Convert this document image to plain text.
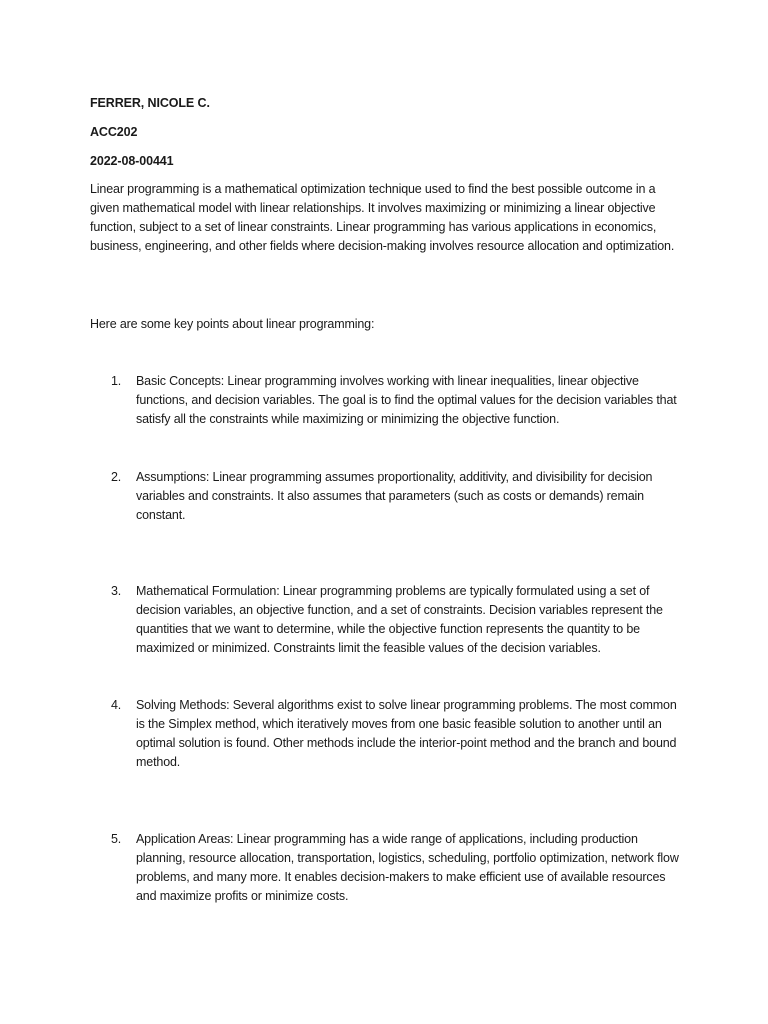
FERRER, NICOLE C.
ACC202
2022-08-00441

Linear programming is a mathematical optimization technique used to find the best possible outcome in a given mathematical model with linear relationships. It involves maximizing or minimizing a linear objective function, subject to a set of linear constraints. Linear programming has various applications in economics, business, engineering, and other fields where decision-making involves resource allocation and optimization.

Here are some key points about linear programming:

1.	Basic Concepts: Linear programming involves working with linear inequalities, linear objective functions, and decision variables. The goal is to find the optimal values for the decision variables that satisfy all the constraints while maximizing or minimizing the objective function.

2.	Assumptions: Linear programming assumes proportionality, additivity, and divisibility for decision variables and constraints. It also assumes that parameters (such as costs or demands) remain constant.

3.	Mathematical Formulation: Linear programming problems are typically formulated using a set of decision variables, an objective function, and a set of constraints. Decision variables represent the quantities that we want to determine, while the objective function represents the quantity to be maximized or minimized. Constraints limit the feasible values of the decision variables.

4.	Solving Methods: Several algorithms exist to solve linear programming problems. The most common is the Simplex method, which iteratively moves from one basic feasible solution to another until an optimal solution is found. Other methods include the interior-point method and the branch and bound method.

5.	Application Areas: Linear programming has a wide range of applications, including production planning, resource allocation, transportation, logistics, scheduling, portfolio optimization, network flow problems, and many more. It enables decision-makers to make efficient use of available resources and maximize profits or minimize costs.
